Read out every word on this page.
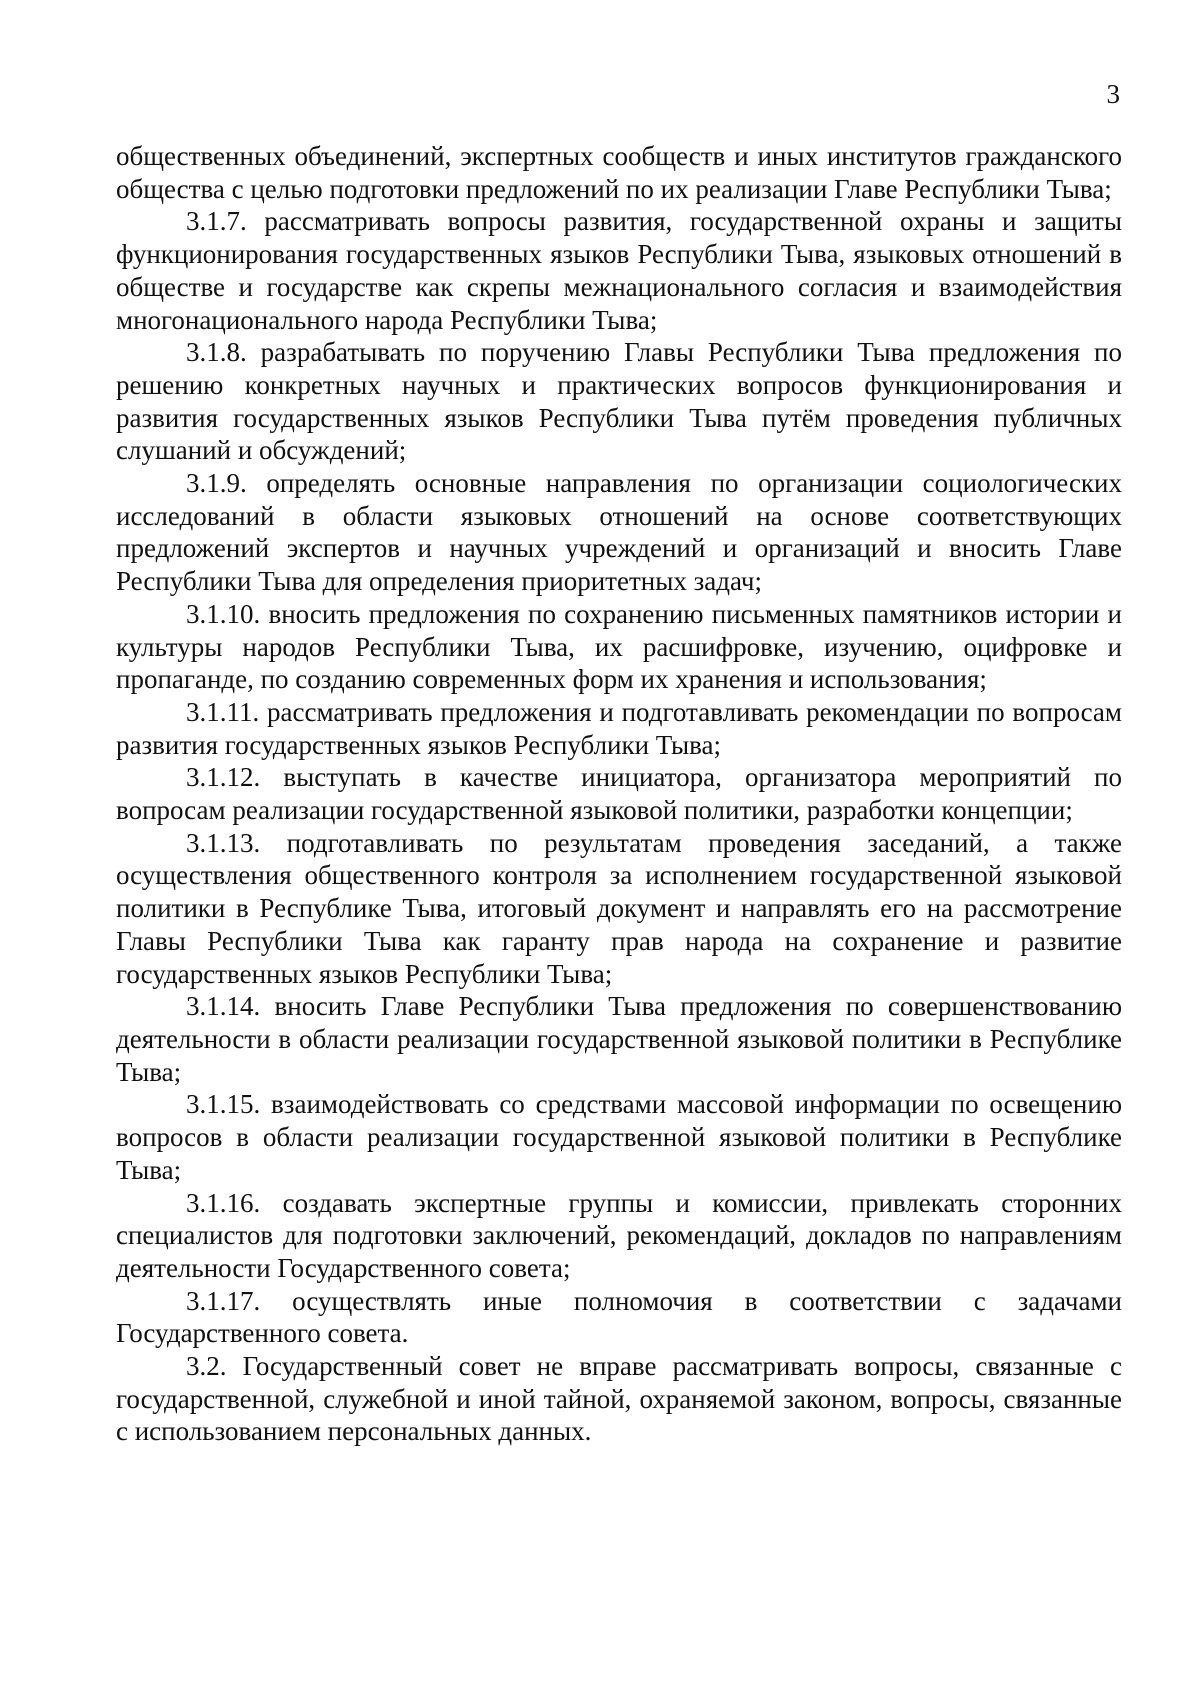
3

общественных объединений, экспертных сообществ и иных институтов гражданского общества с целью подготовки предложений по их реализации Главе Республики Тыва;

3.1.7. рассматривать вопросы развития, государственной охраны и защиты функционирования государственных языков Республики Тыва, языковых отношений в обществе и государстве как скрепы межнационального согласия и взаимодействия многонационального народа Республики Тыва;

3.1.8. разрабатывать по поручению Главы Республики Тыва предложения по решению конкретных научных и практических вопросов функционирования и развития государственных языков Республики Тыва путём проведения публичных слушаний и обсуждений;

3.1.9. определять основные направления по организации социологических исследований в области языковых отношений на основе соответствующих предложений экспертов и научных учреждений и организаций и вносить Главе Республики Тыва для определения приоритетных задач;

3.1.10. вносить предложения по сохранению письменных памятников истории и культуры народов Республики Тыва, их расшифровке, изучению, оцифровке и пропаганде, по созданию современных форм их хранения и использования;

3.1.11. рассматривать предложения и подготавливать рекомендации по вопросам развития государственных языков Республики Тыва;

3.1.12. выступать в качестве инициатора, организатора мероприятий по вопросам реализации государственной языковой политики, разработки концепции;

3.1.13. подготавливать по результатам проведения заседаний, а также осуществления общественного контроля за исполнением государственной языковой политики в Республике Тыва, итоговый документ и направлять его на рассмотрение Главы Республики Тыва как гаранту прав народа на сохранение и развитие государственных языков Республики Тыва;

3.1.14. вносить Главе Республики Тыва предложения по совершенствованию деятельности в области реализации государственной языковой политики в Республике Тыва;

3.1.15. взаимодействовать со средствами массовой информации по освещению вопросов в области реализации государственной языковой политики в Республике Тыва;

3.1.16. создавать экспертные группы и комиссии, привлекать сторонних специалистов для подготовки заключений, рекомендаций, докладов по направлениям деятельности Государственного совета;

3.1.17. осуществлять иные полномочия в соответствии с задачами Государственного совета.

3.2. Государственный совет не вправе рассматривать вопросы, связанные с государственной, служебной и иной тайной, охраняемой законом, вопросы, связанные с использованием персональных данных.
